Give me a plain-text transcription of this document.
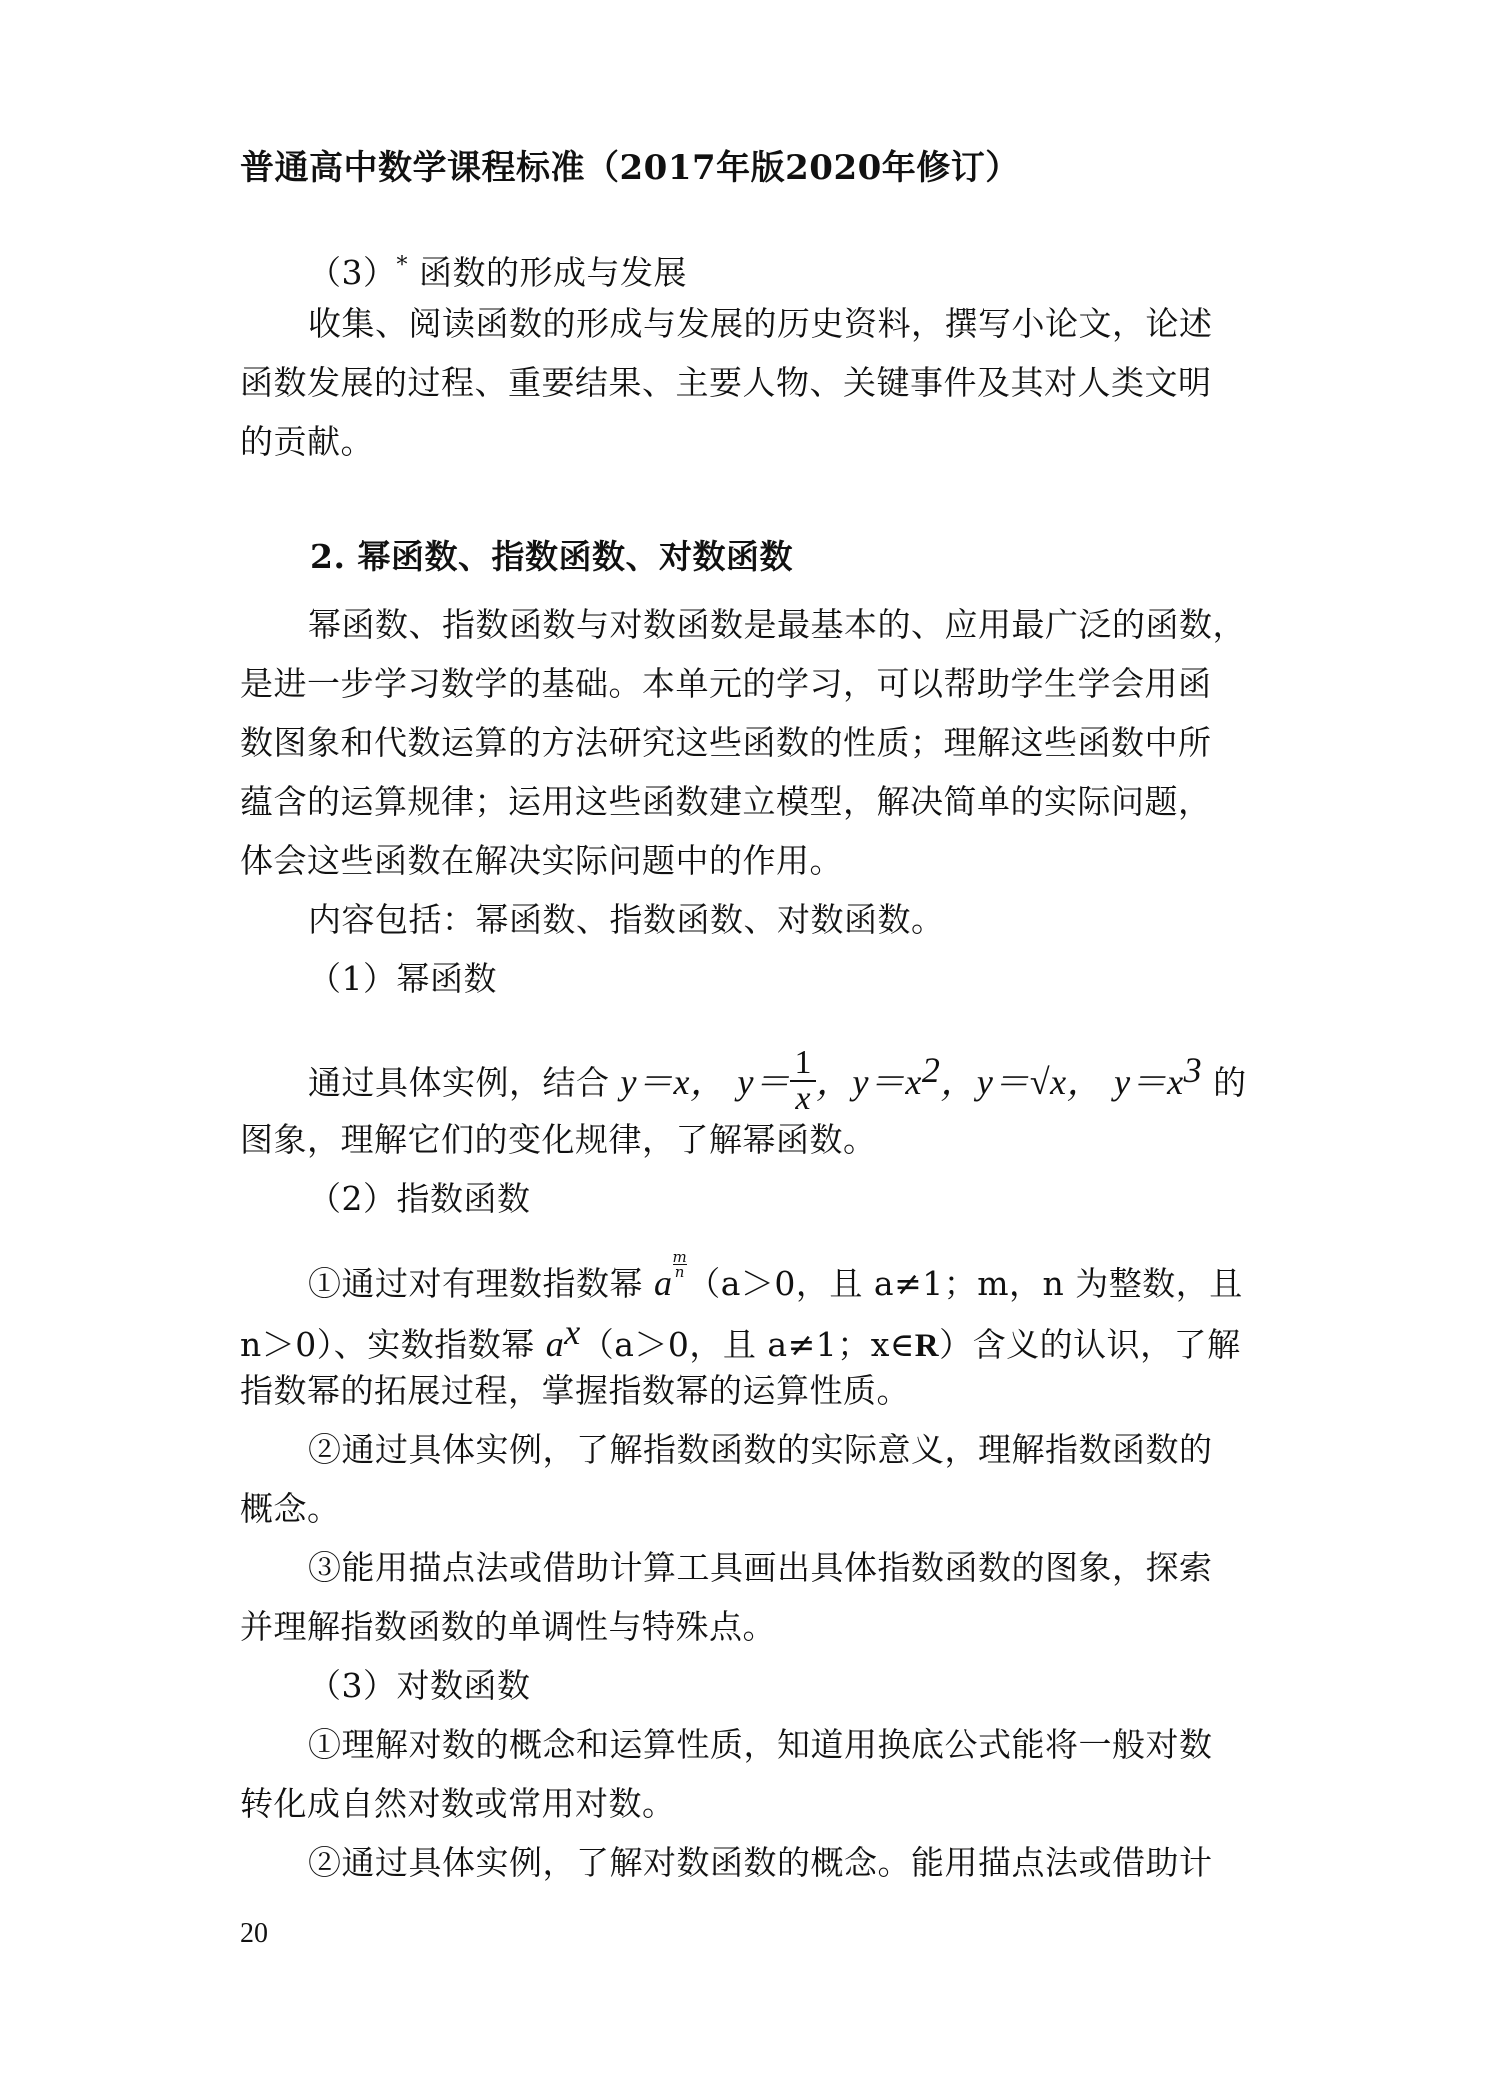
普通高中数学课程标准（2017年版2020年修订）
（3）* 函数的形成与发展
收集、阅读函数的形成与发展的历史资料，撰写小论文，论述
函数发展的过程、重要结果、主要人物、关键事件及其对人类文明
的贡献。
2. 幂函数、指数函数、对数函数
幂函数、指数函数与对数函数是最基本的、应用最广泛的函数，
是进一步学习数学的基础。本单元的学习，可以帮助学生学会用函
数图象和代数运算的方法研究这些函数的性质；理解这些函数中所
蕴含的运算规律；运用这些函数建立模型，解决简单的实际问题，
体会这些函数在解决实际问题中的作用。
内容包括：幂函数、指数函数、对数函数。
（1）幂函数
通过具体实例，结合 y＝x， $y= \frac{1}{x}$ ，$y=x^2$，y＝√x， $y=x^3$ 的
图象，理解它们的变化规律，了解幂函数。
（2）指数函数
①通过对有理数指数幂 a $\frac{m}{n} (a>0$，且 a≠1；m，n 为整数，且
n＞0）、实数指数幂 $a^x(a>0$，且 a≠1；x∈R）含义的认识，了解
指数幂的拓展过程，掌握指数幂的运算性质。
②通过具体实例，了解指数函数的实际意义，理解指数函数的
概念。
③能用描点法或借助计算工具画出具体指数函数的图象，探索
并理解指数函数的单调性与特殊点。
（3）对数函数
①理解对数的概念和运算性质，知道用换底公式能将一般对数
转化成自然对数或常用对数。
②通过具体实例，了解对数函数的概念。能用描点法或借助计
20
